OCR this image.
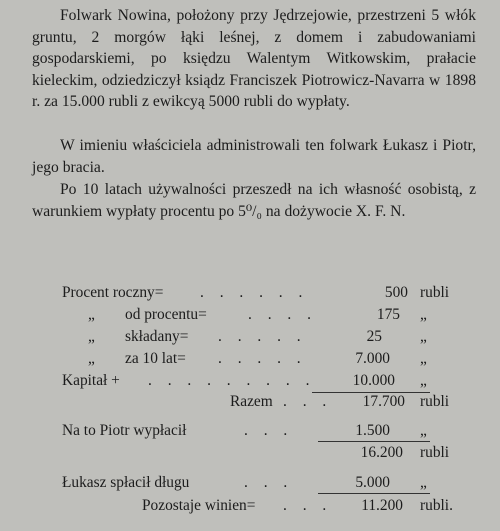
Folwark Nowina, położony przy Jędrzejowie, przestrzeni 5 włók gruntu, 2 morgów łąki leśnej, z domem i zabudowaniami gospodarskiemi, po księdzu Walentym Witkowskim, prałacie kieleckim, odziedziczył ksiądz Franciszek Piotrowicz-Navarra w 1898 r. za 15.000 rubli z ewikcyą 5000 rubli do wypłaty.
W imieniu właściciela administrowali ten folwark Łukasz i Piotr, jego bracia.
Po 10 latach używalności przeszedł na ich własność osobistą, z warunkiem wypłaty procentu po 5⁰/₀ na dożywocie X. F. N.
Procent roczny= . . . . . .	500 rubli
„ od procentu=	. . . .	175 „
„ składany= . . . . .	25 „
„ za 10 lat= . . . . .	7.000 „
Kapitał + . . . . . . . . .	10.000 „
Razem . . .	17.700 rubli
Na to Piotr wypłacił	. . .	1.500 „
16.200 rubli
Łukasz spłacił długu	. . .	5.000 „
Pozostaje winien= . . .	11.200 rubli.
